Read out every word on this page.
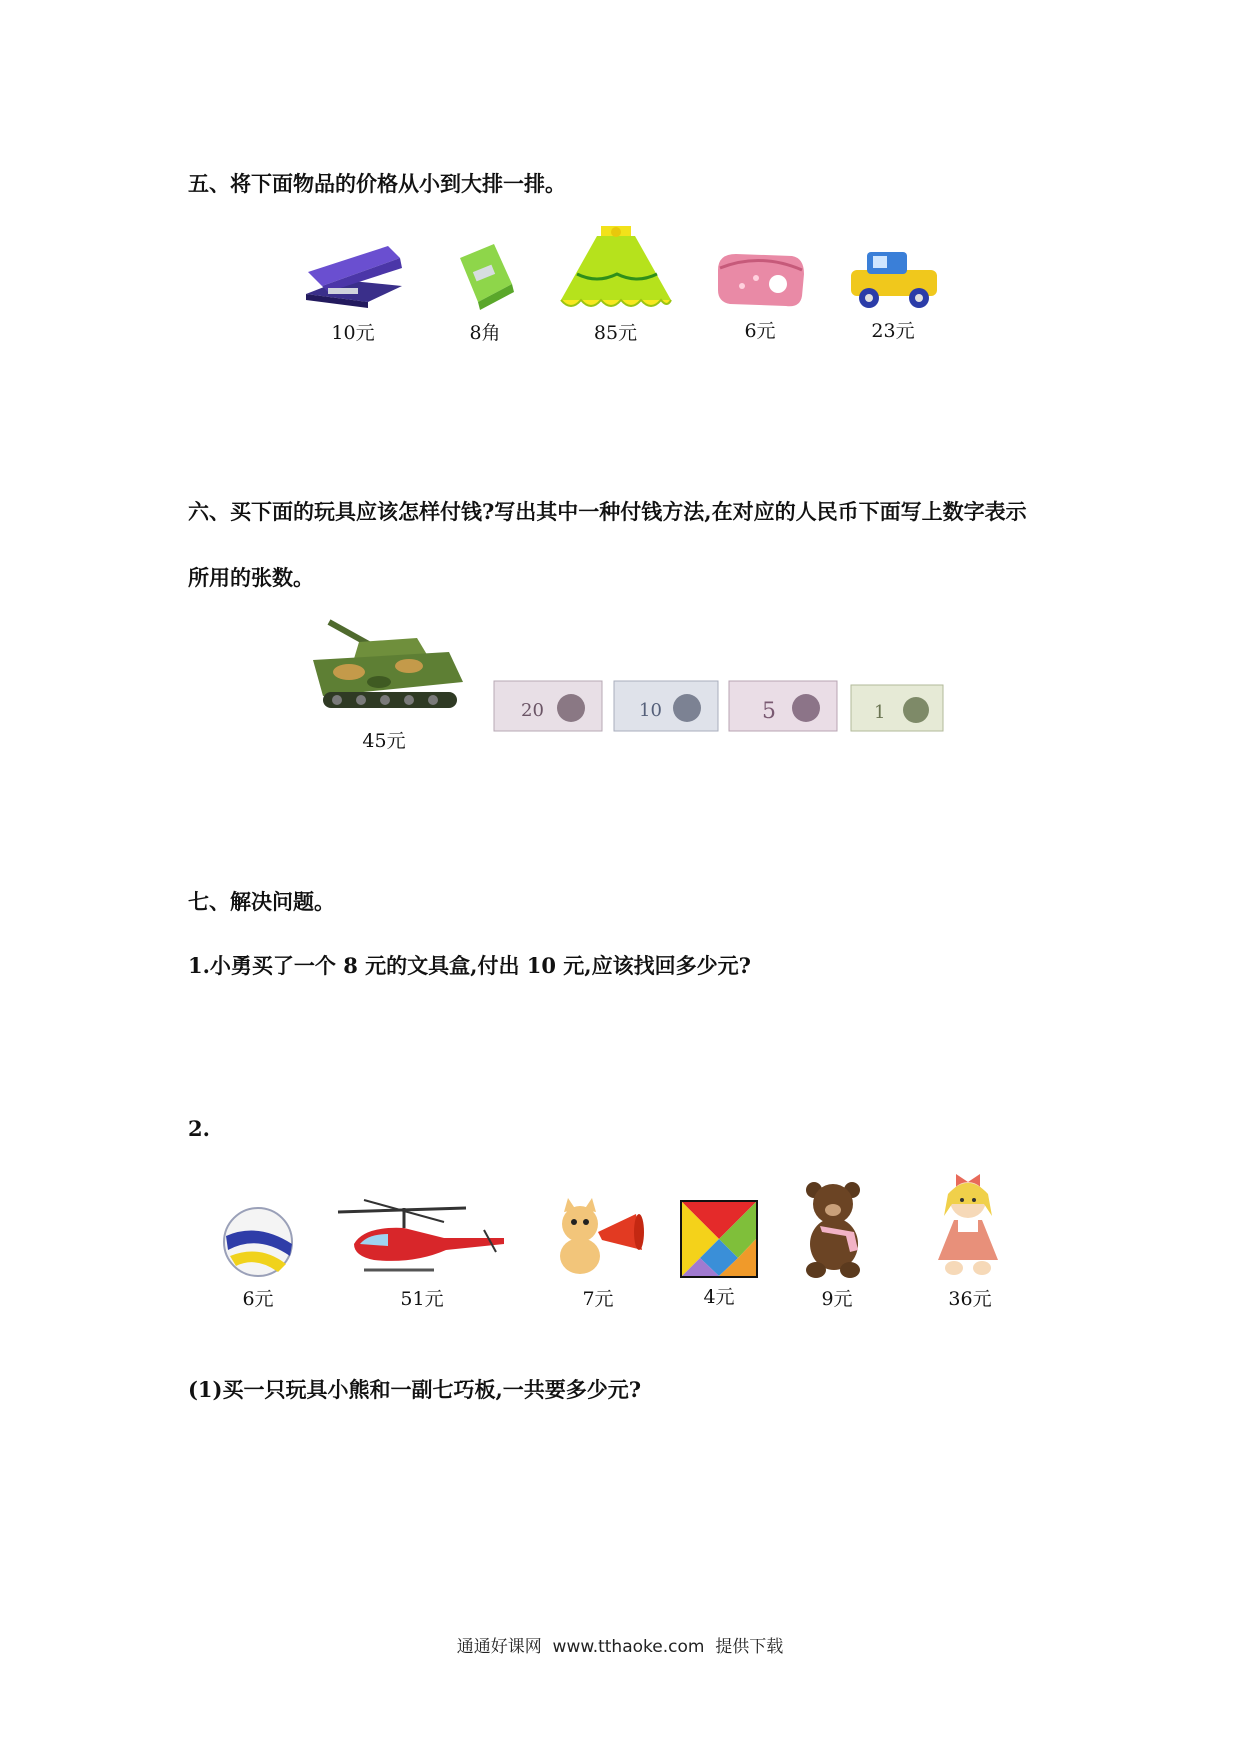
五、将下面物品的价格从小到大排一排。
10元	8角	85元	6元	23元
六、买下面的玩具应该怎样付钱?写出其中一种付钱方法,在对应的人民币下面写上数字表示
所用的张数。
45元
20	10	5	1
七、解决问题。
1.小勇买了一个 8 元的文具盒,付出 10 元,应该找回多少元?
2.
6元	51元	7元	4元	9元	36元
(1)买一只玩具小熊和一副七巧板,一共要多少元?
通通好课网  www.tthaoke.com  提供下载
